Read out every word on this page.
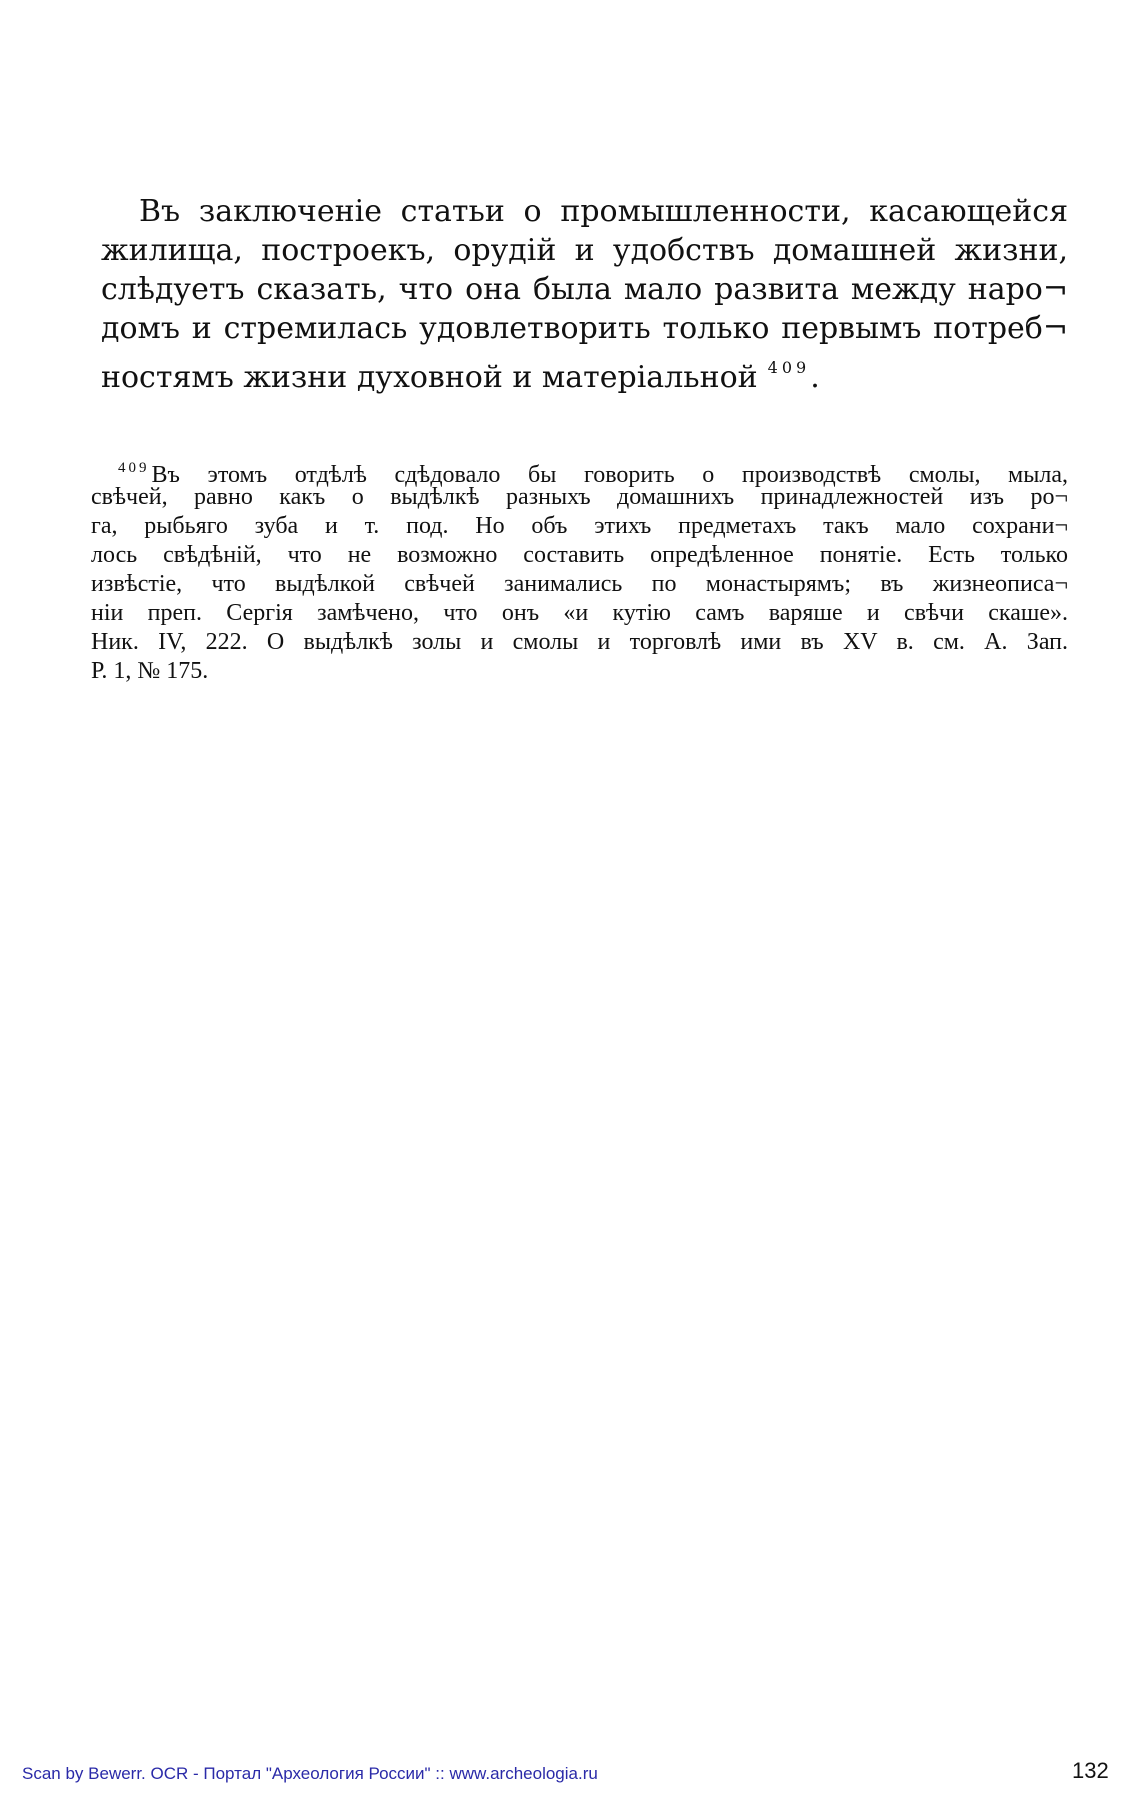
Въ заключеніе статьи о промышленности, касающейся
жилища, построекъ, орудій и удобствъ домашней жизни,
слѣдуетъ сказать, что она была мало развита между наро¬
домъ и стремилась удовлетворить только первымъ потреб¬
ностямъ жизни духовной и матеріальной $^{409}$.
$^{409}$Въ этомъ отдѣлѣ сдѣдовало бы говорить о производствѣ смолы, мыла,
свѣчей, равно какъ о выдѣлкѣ разныхъ домашнихъ принадлежностей изъ ро¬
га, рыбьяго зуба и т. под. Но объ этихъ предметахъ такъ мало сохрани¬
лось свѣдѣній, что не возможно составить опредѣленное понятіе. Есть только
извѣстіе, что выдѣлкой свѣчей занимались по монастырямъ; въ жизнеописа¬
ніи преп. Сергія замѣчено, что онъ «и кутію самъ варяше и свѣчи скаше».
Ник. IV, 222. О выдѣлкѣ золы и смолы и торговлѣ ими въ XV в. см. А. Зап.
Р. 1, № 175.
Scan by Bewerr. OCR - Портал "Археология России" :: www.archeologia.ru	132
